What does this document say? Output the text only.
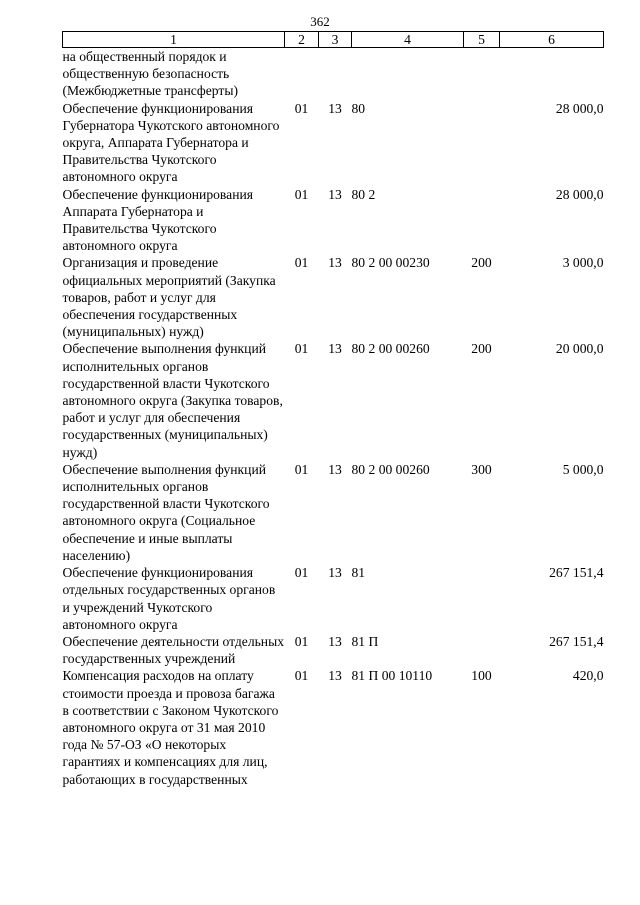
362
1	2	3	4	5	6
на общественный порядок и общественную безопасность (Межбюджетные трансферты)					
Обеспечение функционирования Губернатора Чукотского автономного округа, Аппарата Губернатора и Правительства Чукотского автономного округа	01	13	80		28 000,0
Обеспечение функционирования Аппарата Губернатора и Правительства Чукотского автономного округа	01	13	80 2		28 000,0
Организация и проведение официальных мероприятий (Закупка товаров, работ и услуг для обеспечения государственных (муниципальных) нужд)	01	13	80 2 00 00230	200	3 000,0
Обеспечение выполнения функций исполнительных органов государственной власти Чукотского автономного округа (Закупка товаров, работ и услуг для обеспечения государственных (муниципальных) нужд)	01	13	80 2 00 00260	200	20 000,0
Обеспечение выполнения функций исполнительных органов государственной власти Чукотского автономного округа (Социальное обеспечение и иные выплаты населению)	01	13	80 2 00 00260	300	5 000,0
Обеспечение функционирования отдельных государственных органов и учреждений Чукотского автономного округа	01	13	81		267 151,4
Обеспечение деятельности отдельных государственных учреждений	01	13	81 П		267 151,4
Компенсация расходов на оплату стоимости проезда и провоза багажа в соответствии с Законом Чукотского автономного округа от 31 мая 2010 года № 57-ОЗ «О некоторых гарантиях и компенсациях для лиц, работающих в государственных	01	13	81 П 00 10110	100	420,0
